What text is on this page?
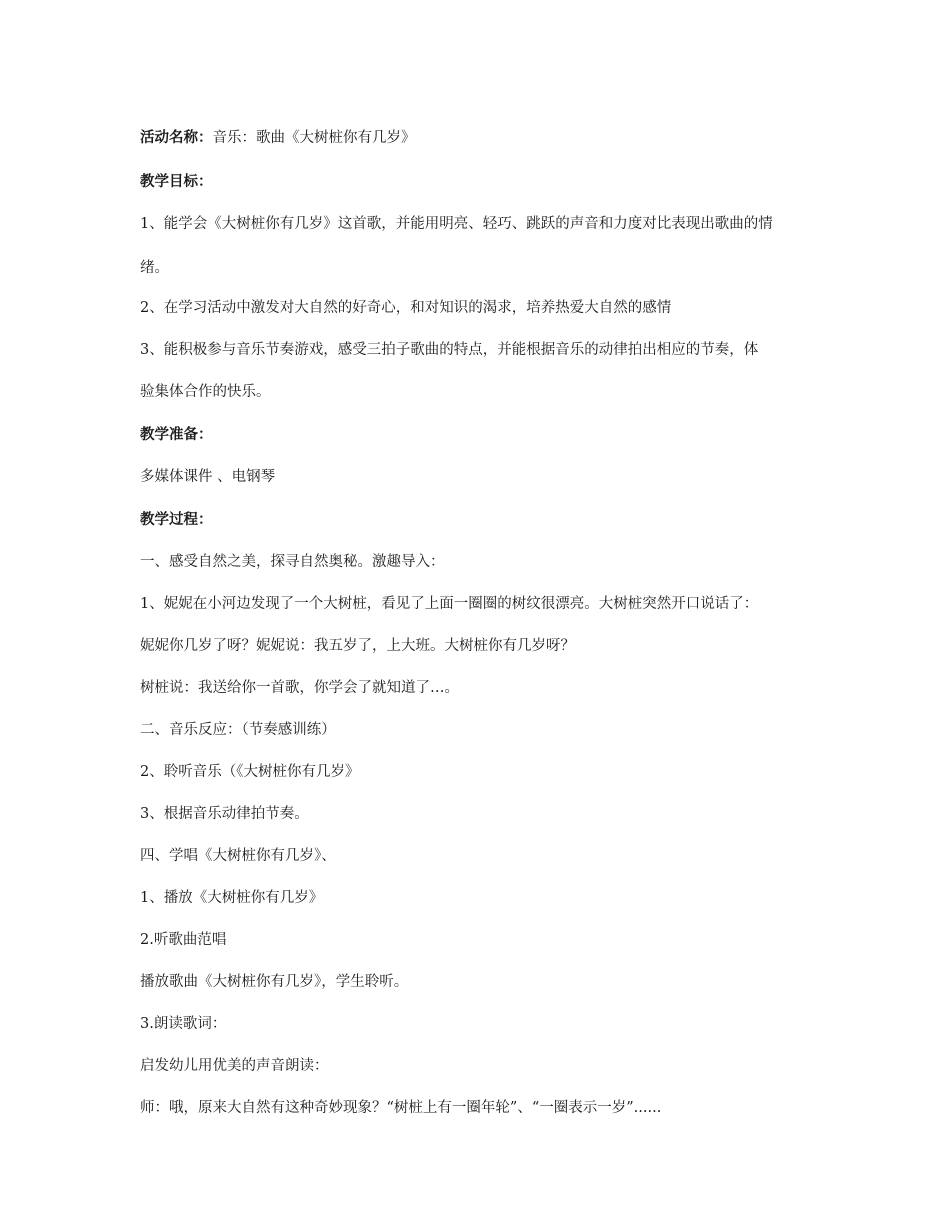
活动名称：音乐：歌曲《大树桩你有几岁》

教学目标：

1、能学会《大树桩你有几岁》这首歌，并能用明亮、轻巧、跳跃的声音和力度对比表现出歌曲的情

绪。

2、在学习活动中激发对大自然的好奇心，和对知识的渴求，培养热爱大自然的感情

3、能积极参与音乐节奏游戏，感受三拍子歌曲的特点，并能根据音乐的动律拍出相应的节奏，体

验集体合作的快乐。

教学准备：

多媒体课件 、电钢琴

教学过程：

一、感受自然之美，探寻自然奥秘。激趣导入：

1、妮妮在小河边发现了一个大树桩，看见了上面一圈圈的树纹很漂亮。大树桩突然开口说话了：

妮妮你几岁了呀？妮妮说：我五岁了，上大班。大树桩你有几岁呀？

树桩说：我送给你一首歌，你学会了就知道了…。

二、音乐反应：（节奏感训练）

2、聆听音乐（《大树桩你有几岁》

3、根据音乐动律拍节奏。

四、学唱《大树桩你有几岁》、

1、播放《大树桩你有几岁》

2.听歌曲范唱

播放歌曲《大树桩你有几岁》，学生聆听。

3.朗读歌词：

启发幼儿用优美的声音朗读：

师：哦，原来大自然有这种奇妙现象？“树桩上有一圈年轮”、“一圈表示一岁”......
